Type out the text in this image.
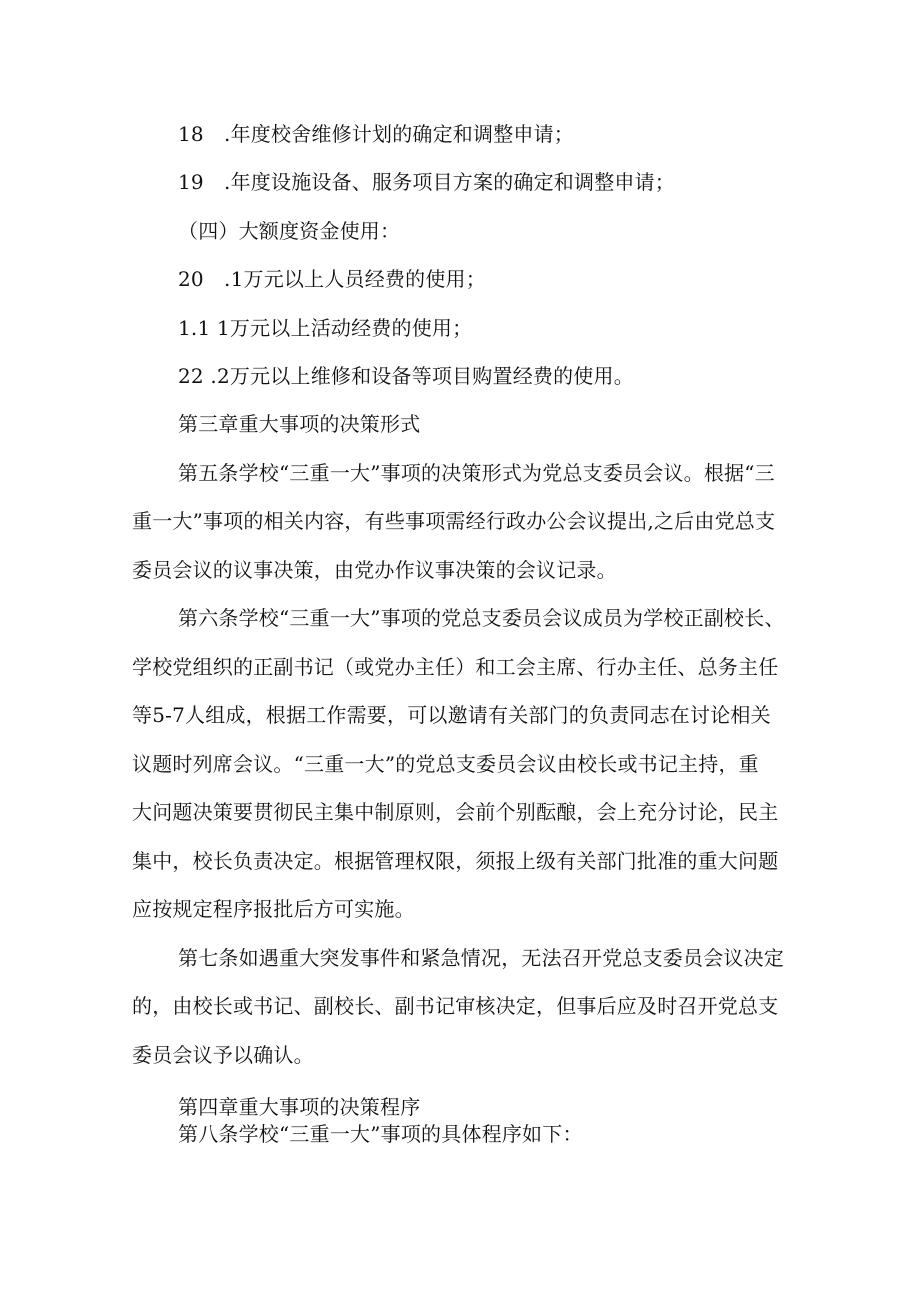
18　.年度校舍维修计划的确定和调整申请；
19　.年度设施设备、服务项目方案的确定和调整申请；
（四）大额度资金使用：
20　.1万元以上人员经费的使用；
1.1 1万元以上活动经费的使用；
22 .2万元以上维修和设备等项目购置经费的使用。
第三章重大事项的决策形式
第五条学校“三重一大”事项的决策形式为党总支委员会议。根据“三
重一大”事项的相关内容，有些事项需经行政办公会议提出,之后由党总支
委员会议的议事决策，由党办作议事决策的会议记录。
第六条学校“三重一大”事项的党总支委员会议成员为学校正副校长、
学校党组织的正副书记（或党办主任）和工会主席、行办主任、总务主任
等5-7人组成，根据工作需要，可以邀请有关部门的负责同志在讨论相关
议题时列席会议。“三重一大”的党总支委员会议由校长或书记主持，重
大问题决策要贯彻民主集中制原则，会前个别酝酿，会上充分讨论，民主
集中，校长负责决定。根据管理权限，须报上级有关部门批准的重大问题
应按规定程序报批后方可实施。
第七条如遇重大突发事件和紧急情况，无法召开党总支委员会议决定
的，由校长或书记、副校长、副书记审核决定，但事后应及时召开党总支
委员会议予以确认。
第四章重大事项的决策程序
第八条学校“三重一大”事项的具体程序如下：
